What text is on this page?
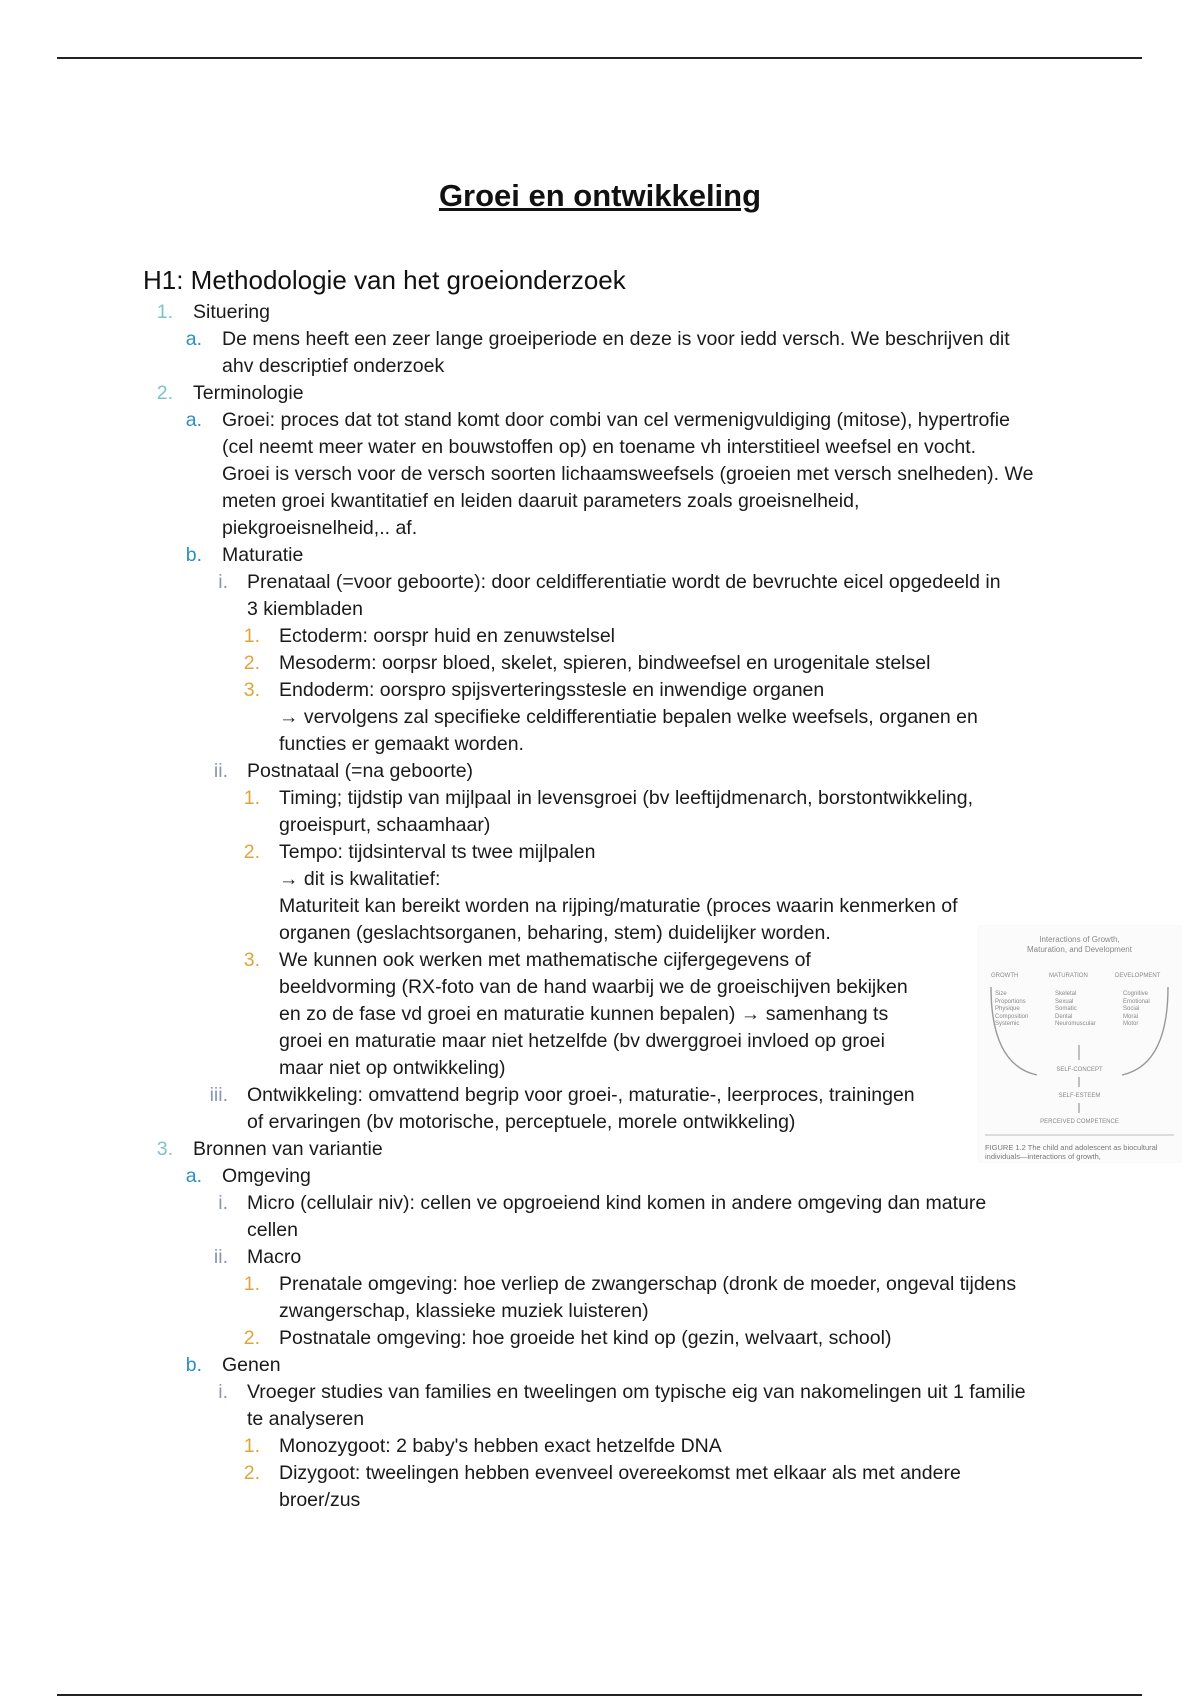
Groei en ontwikkeling
H1: Methodologie van het groeionderzoek
1. Situering
a. De mens heeft een zeer lange groeiperiode en deze is voor iedd versch. We beschrijven dit
ahv descriptief onderzoek
2. Terminologie
a. Groei: proces dat tot stand komt door combi van cel vermenigvuldiging (mitose), hypertrofie
(cel neemt meer water en bouwstoffen op) en toename vh interstitieel weefsel en vocht.
Groei is versch voor de versch soorten lichaamsweefsels (groeien met versch snelheden). We
meten groei kwantitatief en leiden daaruit parameters zoals groeisnelheid,
piekgroeisnelheid,.. af.
b. Maturatie
i. Prenataal (=voor geboorte): door celdifferentiatie wordt de bevruchte eicel opgedeeld in
3 kiembladen
1. Ectoderm: oorspr huid en zenuwstelsel
2. Mesoderm: oorpsr bloed, skelet, spieren, bindweefsel en urogenitale stelsel
3. Endoderm: oorspro spijsverteringsstesle en inwendige organen
→ vervolgens zal specifieke celdifferentiatie bepalen welke weefsels, organen en
functies er gemaakt worden.
ii. Postnataal (=na geboorte)
1. Timing; tijdstip van mijlpaal in levensgroei (bv leeftijdmenarch, borstontwikkeling,
groeispurt, schaamhaar)
2. Tempo: tijdsinterval ts twee mijlpalen
→ dit is kwalitatief:
Maturiteit kan bereikt worden na rijping/maturatie (proces waarin kenmerken of
organen (geslachtsorganen, beharing, stem) duidelijker worden.
3. We kunnen ook werken met mathematische cijfergegevens of
beeldvorming (RX-foto van de hand waarbij we de groeischijven bekijken
en zo de fase vd groei en maturatie kunnen bepalen) → samenhang ts
groei en maturatie maar niet hetzelfde (bv dwerggroei invloed op groei
maar niet op ontwikkeling)
iii. Ontwikkeling: omvattend begrip voor groei-, maturatie-, leerproces, trainingen
of ervaringen (bv motorische, perceptuele, morele ontwikkeling)
3. Bronnen van variantie
a. Omgeving
i. Micro (cellulair niv): cellen ve opgroeiend kind komen in andere omgeving dan mature
cellen
ii. Macro
1. Prenatale omgeving: hoe verliep de zwangerschap (dronk de moeder, ongeval tijdens
zwangerschap, klassieke muziek luisteren)
2. Postnatale omgeving: hoe groeide het kind op (gezin, welvaart, school)
b. Genen
i. Vroeger studies van families en tweelingen om typische eig van nakomelingen uit 1 familie
te analyseren
1. Monozygoot: 2 baby's hebben exact hetzelfde DNA
2. Dizygoot: tweelingen hebben evenveel overeekomst met elkaar als met andere
broer/zus
Interactions of Growth,
Maturation, and Development
GROWTH	MATURATION	DEVELOPMENT
Size
Proportions
Physique
Composition
Systemic
Skeletal
Sexual
Somatic
Dental
Neuromuscular
Cognitive
Emotional
Social
Moral
Motor
SELF-CONCEPT
SELF-ESTEEM
PERCEIVED COMPETENCE
FIGURE 1.2 The child and adolescent as biocultural individuals—interactions of growth,
